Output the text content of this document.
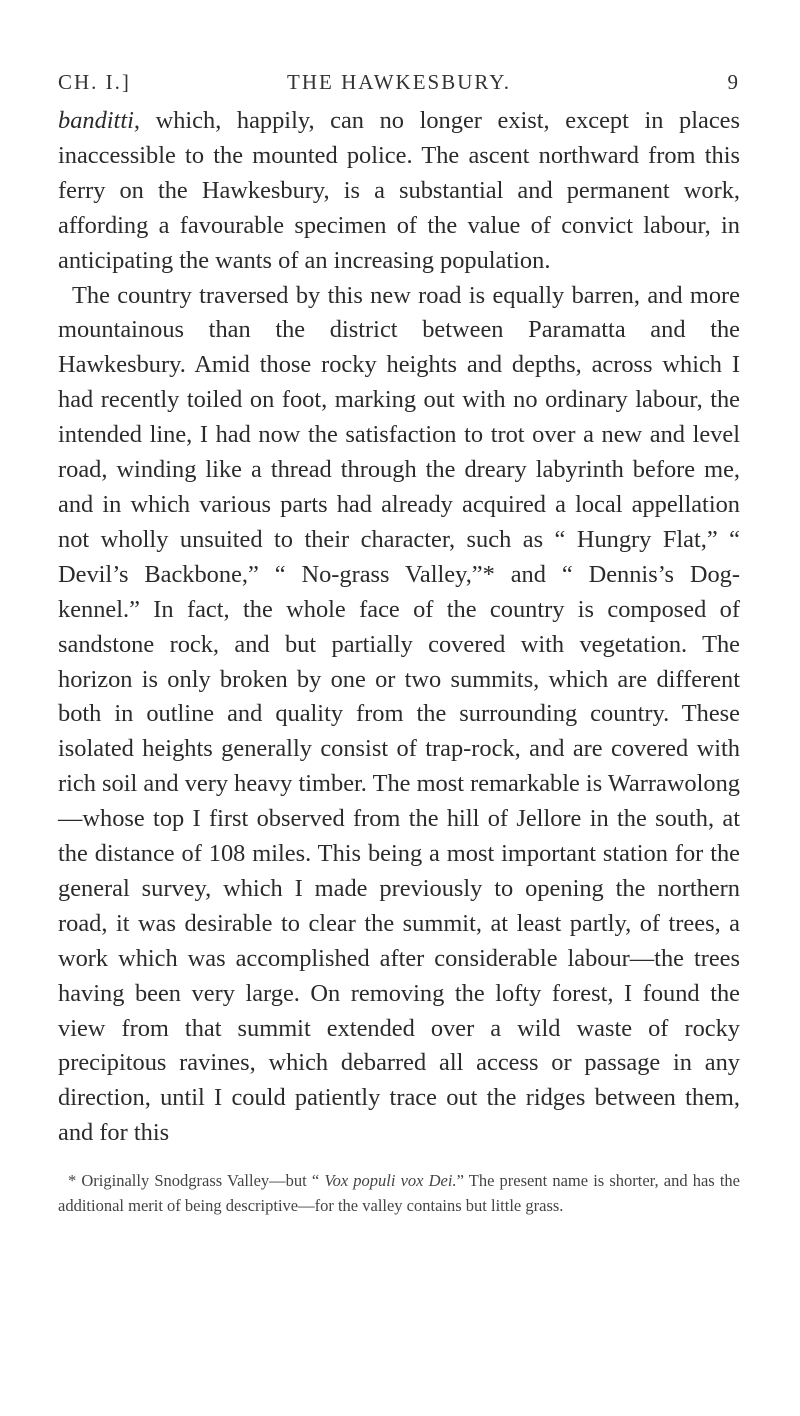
CH. I.]	THE HAWKESBURY.	9

banditti, which, happily, can no longer exist, except in places inaccessible to the mounted police. The ascent northward from this ferry on the Hawkesbury, is a substantial and permanent work, affording a favourable specimen of the value of convict labour, in anticipating the wants of an increasing population.

The country traversed by this new road is equally barren, and more mountainous than the district between Paramatta and the Hawkesbury. Amid those rocky heights and depths, across which I had recently toiled on foot, marking out with no ordinary labour, the intended line, I had now the satisfaction to trot over a new and level road, winding like a thread through the dreary labyrinth before me, and in which various parts had already acquired a local appellation not wholly unsuited to their character, such as “ Hungry Flat,” “ Devil’s Backbone,” “ No-grass Valley,”* and “ Dennis’s Dog-kennel.” In fact, the whole face of the country is composed of sandstone rock, and but partially covered with vegetation. The horizon is only broken by one or two summits, which are different both in outline and quality from the surrounding country. These isolated heights generally consist of trap-rock, and are covered with rich soil and very heavy timber. The most remarkable is Warrawolong—whose top I first observed from the hill of Jellore in the south, at the distance of 108 miles. This being a most important station for the general survey, which I made previously to opening the northern road, it was desirable to clear the summit, at least partly, of trees, a work which was accomplished after considerable labour—the trees having been very large. On removing the lofty forest, I found the view from that summit extended over a wild waste of rocky precipitous ravines, which debarred all access or passage in any direction, until I could patiently trace out the ridges between them, and for this

* Originally Snodgrass Valley—but “ Vox populi vox Dei.” The present name is shorter, and has the additional merit of being descriptive—for the valley contains but little grass.
